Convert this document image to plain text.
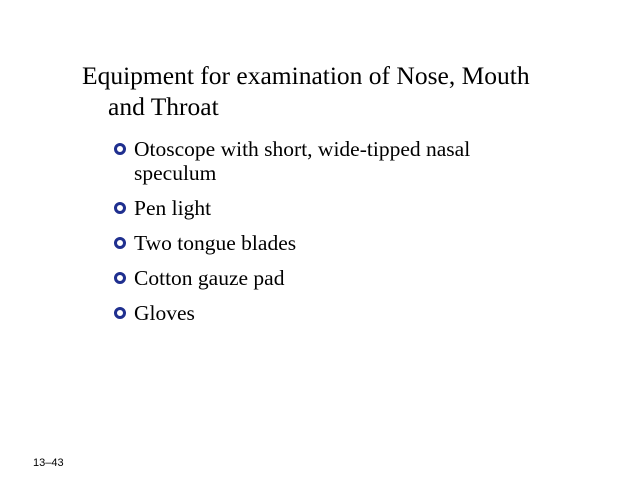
Equipment for examination of Nose, Mouth and Throat
Otoscope with short, wide-tipped nasal speculum
Pen light
Two tongue blades
Cotton gauze pad
Gloves
13–43
